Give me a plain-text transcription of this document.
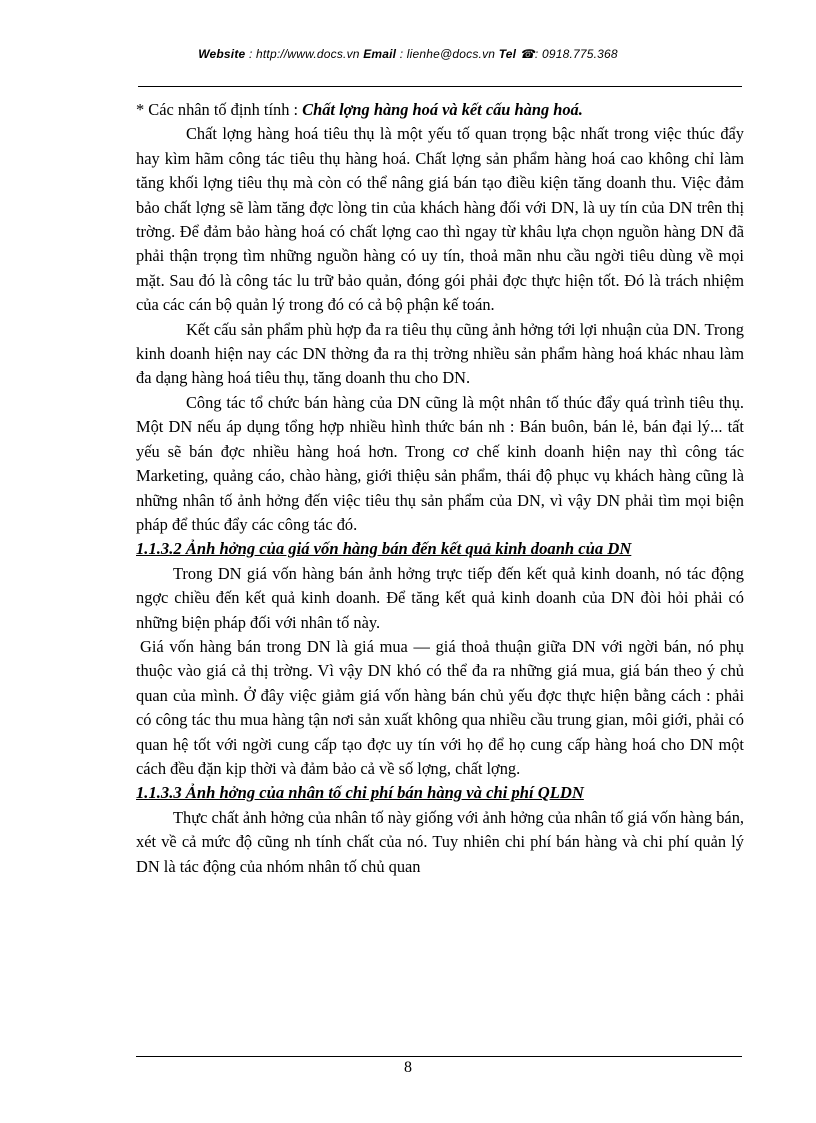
Website : http://www.docs.vn Email : lienhe@docs.vn Tel ☎: 0918.775.368

* Các nhân tố định tính : Chất lợng hàng hoá và kết cấu hàng hoá.

Chất lợng hàng hoá tiêu thụ là một yếu tố quan trọng bậc nhất trong việc thúc đẩy hay kìm hãm công tác tiêu thụ hàng hoá. Chất lợng sản phẩm hàng hoá cao không chỉ làm tăng khối lợng tiêu thụ mà còn có thể nâng giá bán tạo điều kiện tăng doanh thu. Việc đảm bảo chất lợng sẽ làm tăng đợc lòng tin của khách hàng đối với DN, là uy tín của DN trên thị trờng. Để đảm bảo hàng hoá có chất lợng cao thì ngay từ khâu lựa chọn nguồn hàng DN đã phải thận trọng tìm những nguồn hàng có uy tín, thoả mãn nhu cầu ngời tiêu dùng về mọi mặt. Sau đó là công tác lu trữ bảo quản, đóng gói phải đợc thực hiện tốt. Đó là trách nhiệm của các cán bộ quản lý trong đó có cả bộ phận kế toán.

Kết cấu sản phẩm phù hợp đa ra tiêu thụ cũng ảnh hởng tới lợi nhuận của DN. Trong kinh doanh hiện nay các DN thờng đa ra thị trờng nhiều sản phẩm hàng hoá khác nhau làm đa dạng hàng hoá tiêu thụ, tăng doanh thu cho DN.

Công tác tổ chức bán hàng của DN cũng là một nhân tố thúc đẩy quá trình tiêu thụ. Một DN nếu áp dụng tổng hợp nhiều hình thức bán nh : Bán buôn, bán lẻ, bán đại lý... tất yếu sẽ bán đợc nhiều hàng hoá hơn. Trong cơ chế kinh doanh hiện nay thì công tác Marketing, quảng cáo, chào hàng, giới thiệu sản phẩm, thái độ phục vụ khách hàng cũng là những nhân tố ảnh hởng đến việc tiêu thụ sản phẩm của DN, vì vậy DN phải tìm mọi biện pháp để thúc đẩy các công tác đó.

1.1.3.2 Ảnh hởng của giá vốn hàng bán đến kết quả kinh doanh của DN

Trong DN giá vốn hàng bán ảnh hởng trực tiếp đến kết quả kinh doanh, nó tác động ngợc chiều đến kết quả kinh doanh. Để tăng kết quả kinh doanh của DN đòi hỏi phải có những biện pháp đối với nhân tố này.

Giá vốn hàng bán trong DN là giá mua — giá thoả thuận giữa DN với ngời bán, nó phụ thuộc vào giá cả thị trờng. Vì vậy DN khó có thể đa ra những giá mua, giá bán theo ý chủ quan của mình. Ở đây việc giảm giá vốn hàng bán chủ yếu đợc thực hiện bằng cách : phải có công tác thu mua hàng tận nơi sản xuất không qua nhiều cầu trung gian, môi giới, phải có quan hệ tốt với ngời cung cấp tạo đợc uy tín với họ để họ cung cấp hàng hoá cho DN một cách đều đặn kịp thời và đảm bảo cả về số lợng, chất lợng.

1.1.3.3 Ảnh hởng của nhân tố chi phí bán hàng và chi phí QLDN

Thực chất ảnh hởng của nhân tố này giống với ảnh hởng của nhân tố giá vốn hàng bán, xét về cả mức độ cũng nh tính chất của nó. Tuy nhiên chi phí bán hàng và chi phí quản lý DN là tác động của nhóm nhân tố chủ quan

8
